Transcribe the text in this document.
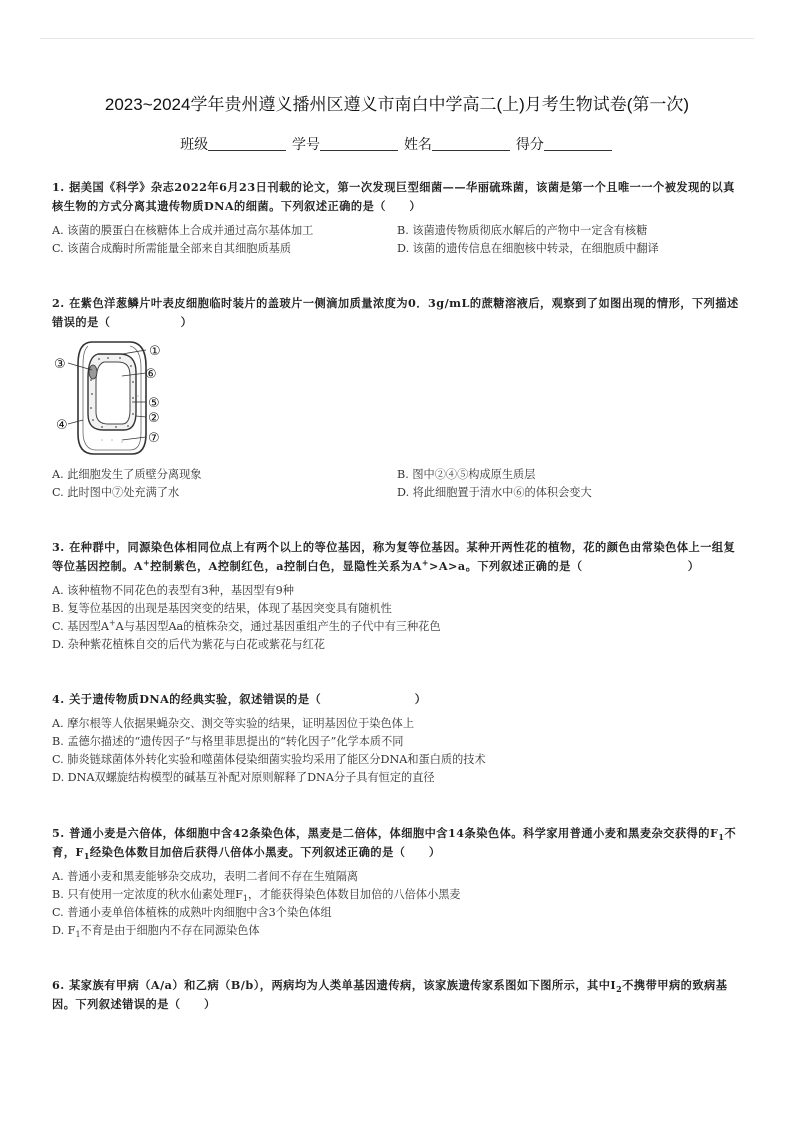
2023~2024学年贵州遵义播州区遵义市南白中学高二(上)月考生物试卷(第一次)
班级	学号	姓名	得分

1. 据美国《科学》杂志2022年6月23日刊载的论文，第一次发现巨型细菌——华丽硫珠菌，该菌是第一个且唯一一个被发现的以真核生物的方式分离其遗传物质DNA的细菌。下列叙述正确的是（　　）

A. 该菌的膜蛋白在核糖体上合成并通过高尔基体加工	B. 该菌遗传物质彻底水解后的产物中一定含有核糖

C. 该菌合成酶时所需能量全部来自其细胞质基质	D. 该菌的遗传信息在细胞核中转录，在细胞质中翻译

2. 在紫色洋葱鳞片叶表皮细胞临时装片的盖玻片一侧滴加质量浓度为0．3g/mL的蔗糖溶液后，观察到了如图出现的情形，下列描述错误的是（　　　　　　）

③
①
⑥
⑤
④	②
⑦

A. 此细胞发生了质壁分离现象	B. 图中②④⑤构成原生质层

C. 此时图中⑦处充满了水	D. 将此细胞置于清水中⑥的体积会变大

3. 在种群中，同源染色体相同位点上有两个以上的等位基因，称为复等位基因。某种开两性花的植物，花的颜色由常染色体上一组复等位基因控制。A+控制紫色，A控制红色，a控制白色，显隐性关系为A+>A>a。下列叙述正确的是（　　　　　　　　　）

A. 该种植物不同花色的表型有3种，基因型有9种

B. 复等位基因的出现是基因突变的结果，体现了基因突变具有随机性

C. 基因型A+A与基因型Aa的植株杂交，通过基因重组产生的子代中有三种花色

D. 杂种紫花植株自交的后代为紫花与白花或紫花与红花

4. 关于遗传物质DNA的经典实验，叙述错误的是（　　　　　　　　）

A. 摩尔根等人依据果蝇杂交、测交等实验的结果，证明基因位于染色体上

B. 孟德尔描述的“遗传因子”与格里菲思提出的“转化因子”化学本质不同

C. 肺炎链球菌体外转化实验和噬菌体侵染细菌实验均采用了能区分DNA和蛋白质的技术

D. DNA双螺旋结构模型的碱基互补配对原则解释了DNA分子具有恒定的直径

5. 普通小麦是六倍体，体细胞中含42条染色体，黑麦是二倍体，体细胞中含14条染色体。科学家用普通小麦和黑麦杂交获得的$F_1$不育，$F_1$经染色体数目加倍后获得八倍体小黑麦。下列叙述正确的是（　　）

A. 普通小麦和黑麦能够杂交成功，表明二者间不存在生殖隔离

B. 只有使用一定浓度的秋水仙素处理$F_1$，才能获得染色体数目加倍的八倍体小黑麦

C. 普通小麦单倍体植株的成熟叶肉细胞中含3个染色体组

D. $F_1$不育是由于细胞内不存在同源染色体

6. 某家族有甲病（A/a）和乙病（B/b），两病均为人类单基因遗传病，该家族遗传家系图如下图所示，其中$Ⅰ_2$不携带甲病的致病基因。下列叙述错误的是（　　）
